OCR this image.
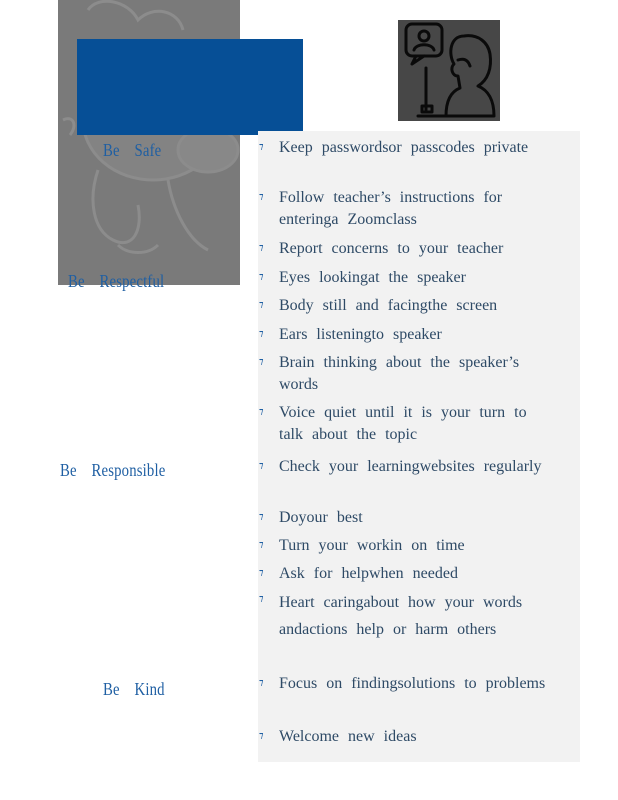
Be Safe
Be Respectful
Be Responsible
Be Kind
⁊ Keep passwordsor passcodes private
⁊ Follow teacher’s instructions for enteringa Zoomclass
⁊ Report concerns to your teacher
⁊ Eyes lookingat the speaker
⁊ Body still and facingthe screen
⁊ Ears listeningto speaker
⁊ Brain thinking about the speaker’s words
⁊ Voice quiet until it is your turn to talk about the topic
⁊ Check your learningwebsites regularly
⁊ Doyour best
⁊ Turn your workin on time
⁊ Ask for helpwhen needed
⁊ Heart caringabout how your words andactions help or harm others
⁊ Focus on findingsolutions to problems
⁊ Welcome new ideas
